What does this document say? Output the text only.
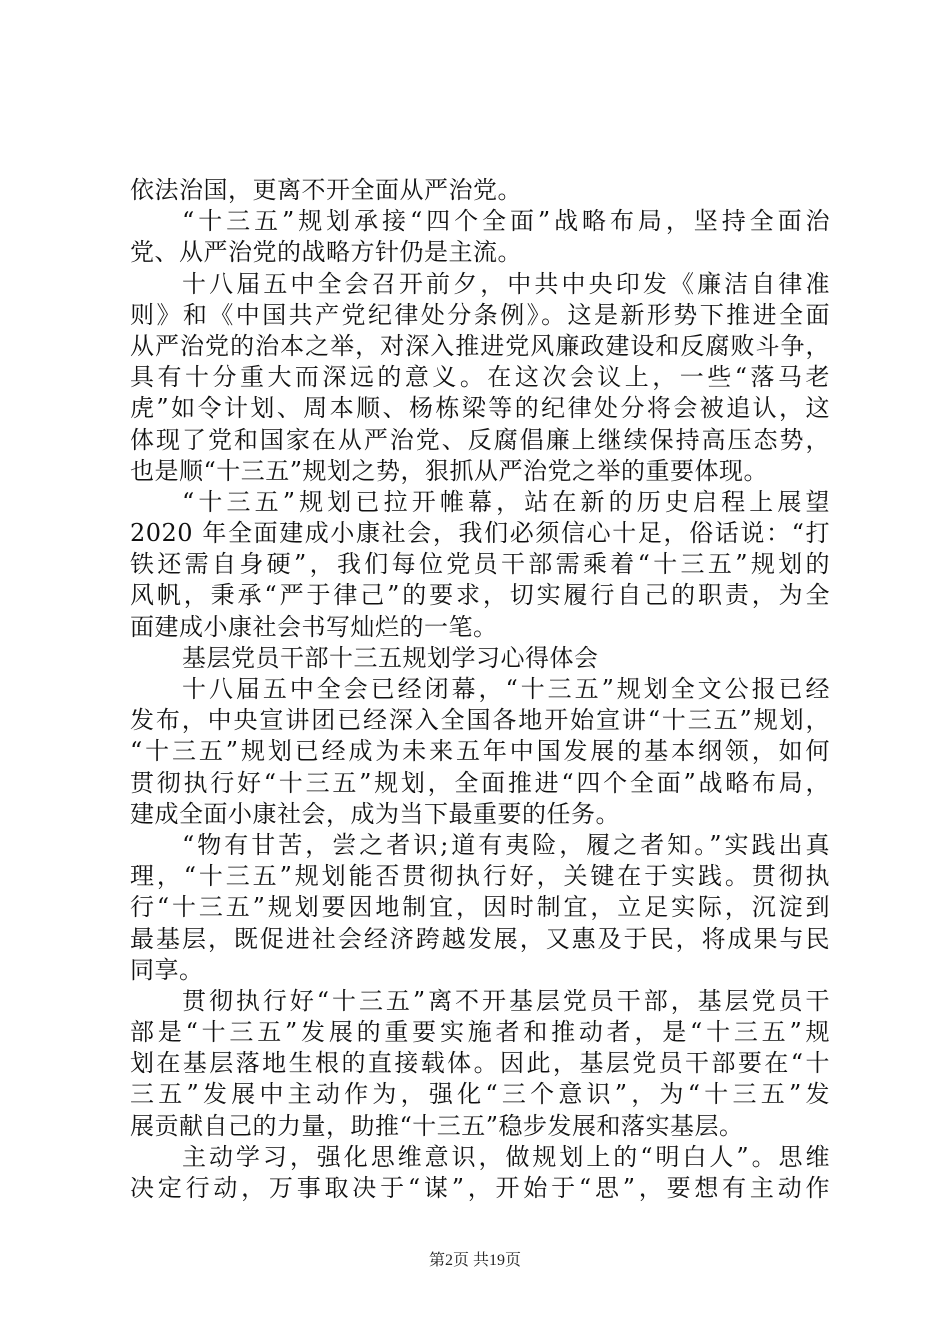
依法治国，更离不开全面从严治党。
“十三五”规划承接“四个全面”战略布局，坚持全面治
党、从严治党的战略方针仍是主流。
十八届五中全会召开前夕，中共中央印发《廉洁自律准
则》和《中国共产党纪律处分条例》。这是新形势下推进全面
从严治党的治本之举，对深入推进党风廉政建设和反腐败斗争，
具有十分重大而深远的意义。在这次会议上，一些“落马老
虎”如令计划、周本顺、杨栋梁等的纪律处分将会被追认，这
体现了党和国家在从严治党、反腐倡廉上继续保持高压态势，
也是顺“十三五”规划之势，狠抓从严治党之举的重要体现。
“十三五”规划已拉开帷幕，站在新的历史启程上展望
2020 年全面建成小康社会，我们必须信心十足，俗话说：“打
铁还需自身硬”，我们每位党员干部需乘着“十三五”规划的
风帆，秉承“严于律己”的要求，切实履行自己的职责，为全
面建成小康社会书写灿烂的一笔。
基层党员干部十三五规划学习心得体会
十八届五中全会已经闭幕，“十三五”规划全文公报已经
发布，中央宣讲团已经深入全国各地开始宣讲“十三五”规划，
“十三五”规划已经成为未来五年中国发展的基本纲领，如何
贯彻执行好“十三五”规划，全面推进“四个全面”战略布局，
建成全面小康社会，成为当下最重要的任务。
“物有甘苦，尝之者识;道有夷险，履之者知。”实践出真
理，“十三五”规划能否贯彻执行好，关键在于实践。贯彻执
行“十三五”规划要因地制宜，因时制宜，立足实际，沉淀到
最基层，既促进社会经济跨越发展，又惠及于民，将成果与民
同享。
贯彻执行好“十三五”离不开基层党员干部，基层党员干
部是“十三五”发展的重要实施者和推动者，是“十三五”规
划在基层落地生根的直接载体。因此，基层党员干部要在“十
三五”发展中主动作为，强化“三个意识”，为“十三五”发
展贡献自己的力量，助推“十三五”稳步发展和落实基层。
主动学习，强化思维意识，做规划上的“明白人”。思维
决定行动，万事取决于“谋”，开始于“思”，要想有主动作
第2页 共19页
